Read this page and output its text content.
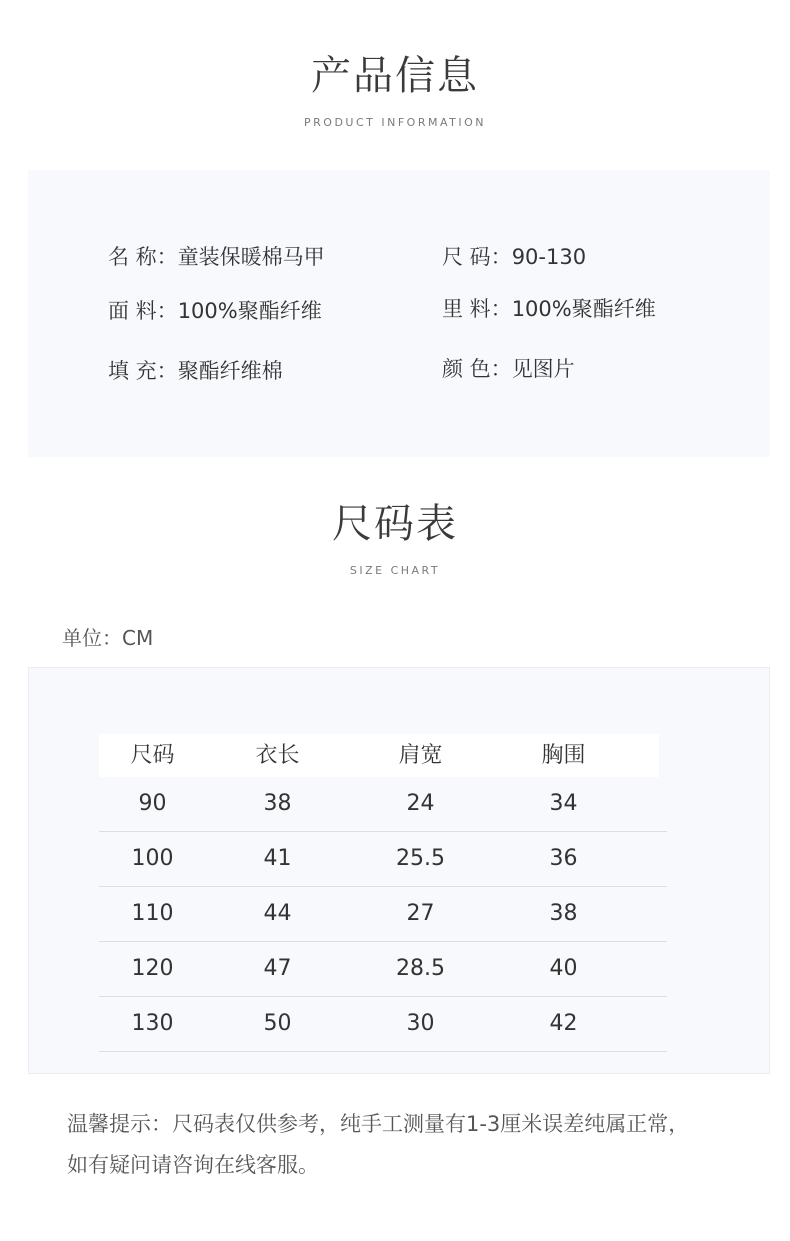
产品信息
PRODUCT INFORMATION
名 称：童装保暖棉马甲	尺 码：90-130
面 料：100%聚酯纤维	里 料：100%聚酯纤维
填 充：聚酯纤维棉	颜 色：见图片
尺码表
SIZE CHART
单位：CM
尺码	衣长	肩宽	胸围
90	38	24	34
100	41	25.5	36
110	44	27	38
120	47	28.5	40
130	50	30	42
温馨提示：尺码表仅供参考，纯手工测量有1-3厘米误差纯属正常，
如有疑问请咨询在线客服。
